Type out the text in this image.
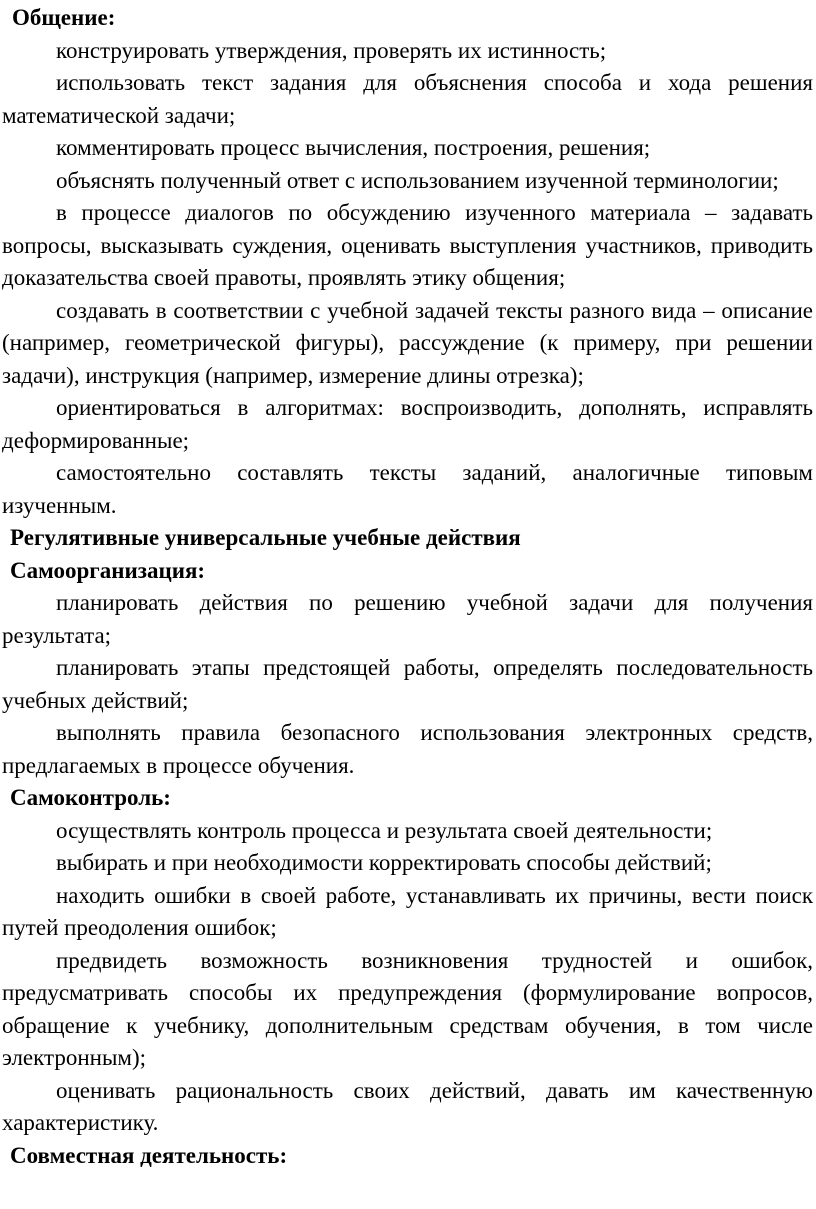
Общение:

конструировать утверждения, проверять их истинность;

использовать текст задания для объяснения способа и хода решения математической задачи;

комментировать процесс вычисления, построения, решения;

объяснять полученный ответ с использованием изученной терминологии;

в процессе диалогов по обсуждению изученного материала – задавать вопросы, высказывать суждения, оценивать выступления участников, приводить доказательства своей правоты, проявлять этику общения;

создавать в соответствии с учебной задачей тексты разного вида – описание (например, геометрической фигуры), рассуждение (к примеру, при решении задачи), инструкция (например, измерение длины отрезка);

ориентироваться в алгоритмах: воспроизводить, дополнять, исправлять деформированные;

самостоятельно составлять тексты заданий, аналогичные типовым изученным.

Регулятивные универсальные учебные действия
Самоорганизация:

планировать действия по решению учебной задачи для получения результата;

планировать этапы предстоящей работы, определять последовательность учебных действий;

выполнять правила безопасного использования электронных средств, предлагаемых в процессе обучения.

Самоконтроль:

осуществлять контроль процесса и результата своей деятельности;

выбирать и при необходимости корректировать способы действий;

находить ошибки в своей работе, устанавливать их причины, вести поиск путей преодоления ошибок;

предвидеть возможность возникновения трудностей и ошибок, предусматривать способы их предупреждения (формулирование вопросов, обращение к учебнику, дополнительным средствам обучения, в том числе электронным);

оценивать рациональность своих действий, давать им качественную характеристику.

Совместная деятельность:
